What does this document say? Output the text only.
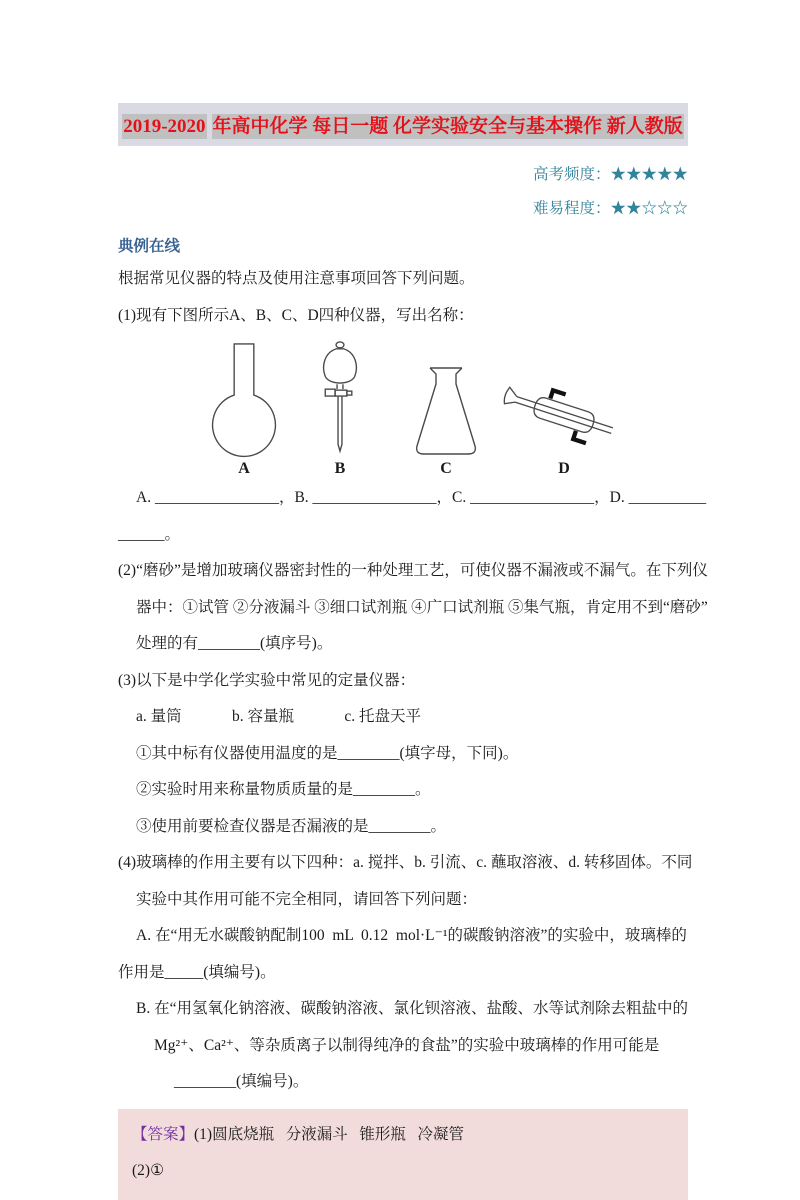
2019-2020 年高中化学 每日一题 化学实验安全与基本操作 新人教版
高考频度：★★★★★
难易程度：★★☆☆☆
典例在线
根据常见仪器的特点及使用注意事项回答下列问题。
(1)现有下图所示A、B、C、D四种仪器，写出名称：
A	B	C	D
A. ________________，B. ________________，C. ________________，D. __________
______。
(2)“磨砂”是增加玻璃仪器密封性的一种处理工艺，可使仪器不漏液或不漏气。在下列仪
器中：①试管 ②分液漏斗 ③细口试剂瓶 ④广口试剂瓶 ⑤集气瓶，肯定用不到“磨砂”
处理的有________(填序号)。
(3)以下是中学化学实验中常见的定量仪器：
a. 量筒             b. 容量瓶             c. 托盘天平
①其中标有仪器使用温度的是________(填字母，下同)。
②实验时用来称量物质质量的是________。
③使用前要检查仪器是否漏液的是________。
(4)玻璃棒的作用主要有以下四种：a. 搅拌、b. 引流、c. 蘸取溶液、d. 转移固体。不同
实验中其作用可能不完全相同，请回答下列问题：
A. 在“用无水碳酸钠配制100  mL  0.12  mol·L⁻¹的碳酸钠溶液”的实验中，玻璃棒的
作用是_____(填编号)。
B. 在“用氢氧化钠溶液、碳酸钠溶液、氯化钡溶液、盐酸、水等试剂除去粗盐中的
Mg²⁺、Ca²⁺、等杂质离子以制得纯净的食盐”的实验中玻璃棒的作用可能是
________(填编号)。
【答案】(1)圆底烧瓶   分液漏斗   锥形瓶   冷凝管
(2)①
